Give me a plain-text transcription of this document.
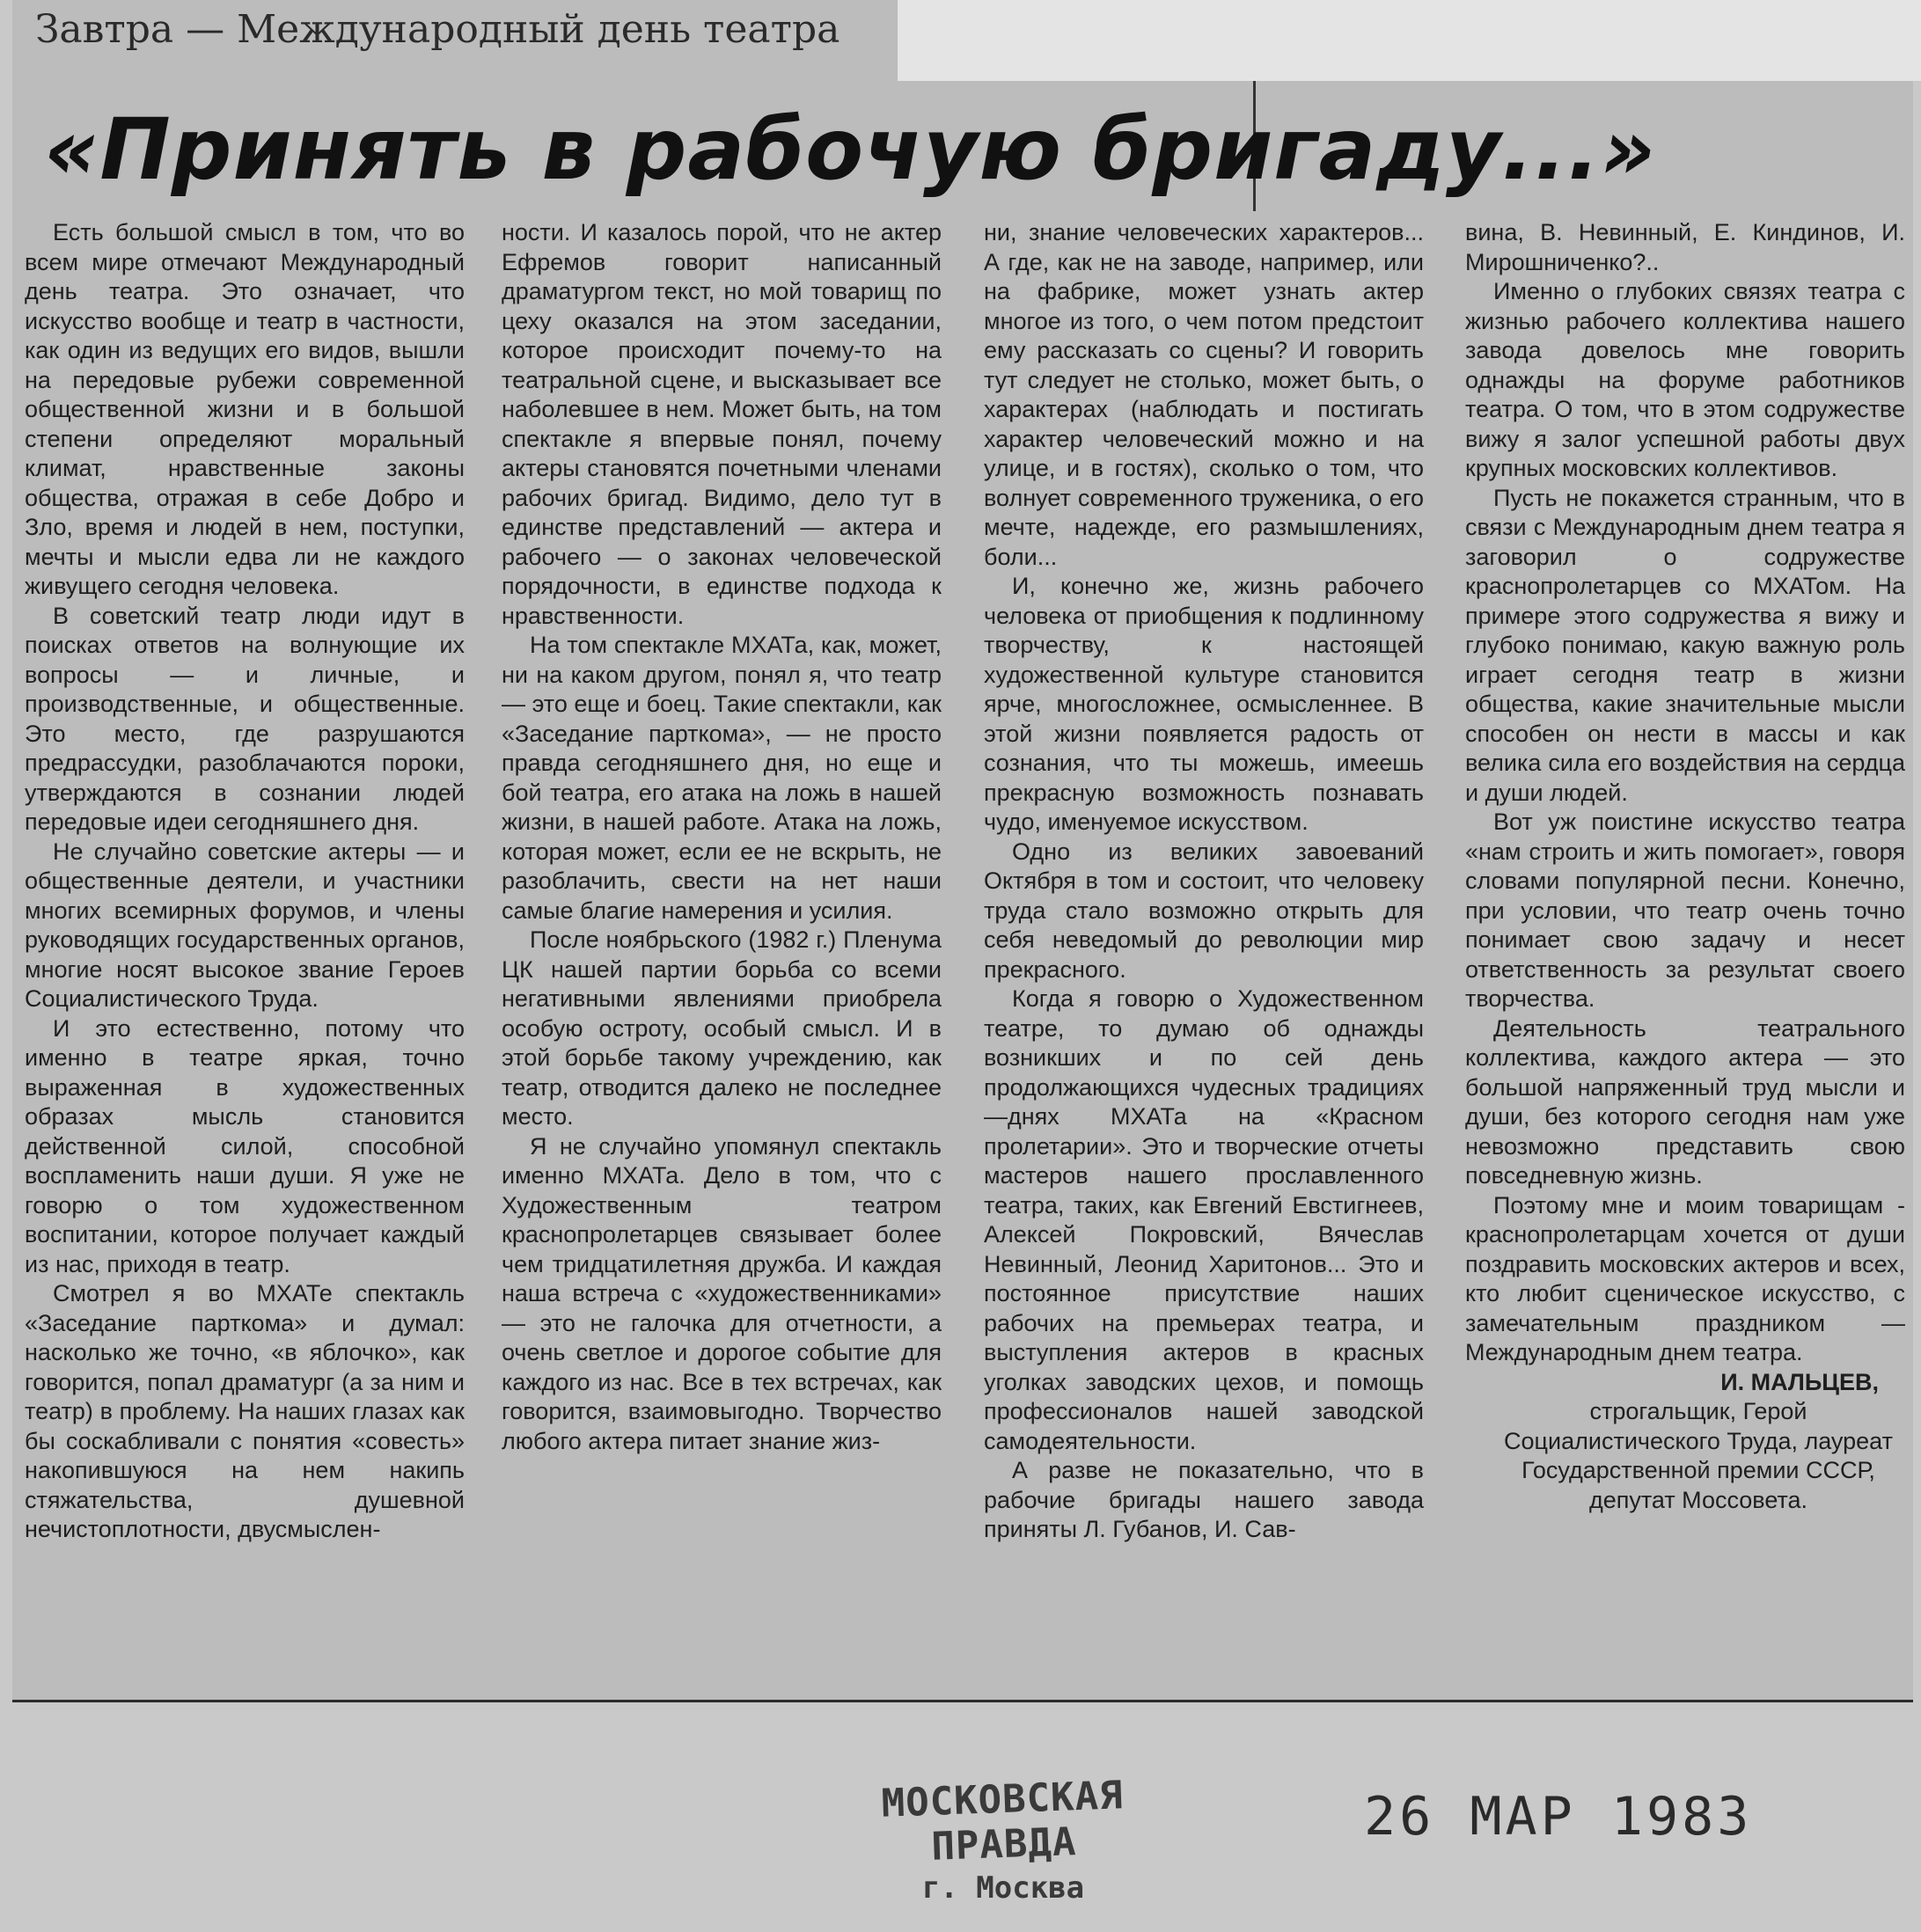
Завтра — Международный день театра
«Принять в рабочую бригаду...»

Есть большой смысл в том, что во всем мире отмечают Международный день театра. Это означает, что искусство вообще и театр в частности, как один из ведущих его видов, вышли на передовые рубежи современной общественной жизни и в большой степени определяют моральный климат, нравственные законы общества, отражая в себе Добро и Зло, время и людей в нем, поступки, мечты и мысли едва ли не каждого живущего сегодня человека.

В советский театр люди идут в поисках ответов на волнующие их вопросы — и личные, и производственные, и общественные. Это место, где разрушаются предрассудки, разоблачаются пороки, утверждаются в сознании людей передовые идеи сегодняшнего дня.

Не случайно советские актеры — и общественные деятели, и участники многих всемирных форумов, и члены руководящих государственных органов, многие носят высокое звание Героев Социалистического Труда.

И это естественно, потому что именно в театре яркая, точно выраженная в художественных образах мысль становится действенной силой, способной воспламенить наши души. Я уже не говорю о том художественном воспитании, которое получает каждый из нас, приходя в театр.

Смотрел я во МХАТе спектакль «Заседание парткома» и думал: насколько же точно, «в яблочко», как говорится, попал драматург (а за ним и театр) в проблему. На наших глазах как бы соскабливали с понятия «совесть» накопившуюся на нем накипь стяжательства, душевной нечистоплотности, двусмыслен-

ности. И казалось порой, что не актер Ефремов говорит написанный драматургом текст, но мой товарищ по цеху оказался на этом заседании, которое происходит почему-то на театральной сцене, и высказывает все наболевшее в нем. Может быть, на том спектакле я впервые понял, почему актеры становятся почетными членами рабочих бригад. Видимо, дело тут в единстве представлений — актера и рабочего — о законах человеческой порядочности, в единстве подхода к нравственности.

На том спектакле МХАТа, как, может, ни на каком другом, понял я, что театр — это еще и боец. Такие спектакли, как «Заседание парткома», — не просто правда сегодняшнего дня, но еще и бой театра, его атака на ложь в нашей жизни, в нашей работе. Атака на ложь, которая может, если ее не вскрыть, не разоблачить, свести на нет наши самые благие намерения и усилия.

После ноябрьского (1982 г.) Пленума ЦК нашей партии борьба со всеми негативными явлениями приобрела особую остроту, особый смысл. И в этой борьбе такому учреждению, как театр, отводится далеко не последнее место.

Я не случайно упомянул спектакль именно МХАТа. Дело в том, что с Художественным театром краснопролетарцев связывает более чем тридцатилетняя дружба. И каждая наша встреча с «художественниками» — это не галочка для отчетности, а очень светлое и дорогое событие для каждого из нас. Все в тех встречах, как говорится, взаимовыгодно. Творчество любого актера питает знание жиз-

ни, знание человеческих характеров... А где, как не на заводе, например, или на фабрике, может узнать актер многое из того, о чем потом предстоит ему рассказать со сцены? И говорить тут следует не столько, может быть, о характерах (наблюдать и постигать характер человеческий можно и на улице, и в гостях), сколько о том, что волнует современного труженика, о его мечте, надежде, его размышлениях, боли...

И, конечно же, жизнь рабочего человека от приобщения к подлинному творчеству, к настоящей художественной культуре становится ярче, многосложнее, осмысленнее. В этой жизни появляется радость от сознания, что ты можешь, имеешь прекрасную возможность познавать чудо, именуемое искусством.

Одно из великих завоеваний Октября в том и состоит, что человеку труда стало возможно открыть для себя неведомый до революции мир прекрасного.

Когда я говорю о Художественном театре, то думаю об однажды возникших и по сей день продолжающихся чудесных традициях—днях МХАТа на «Красном пролетарии». Это и творческие отчеты мастеров нашего прославленного театра, таких, как Евгений Евстигнеев, Алексей Покровский, Вячеслав Невинный, Леонид Харитонов... Это и постоянное присутствие наших рабочих на премьерах театра, и выступления актеров в красных уголках заводских цехов, и помощь профессионалов нашей заводской самодеятельности.

А разве не показательно, что в рабочие бригады нашего завода приняты Л. Губанов, И. Сав-

вина, В. Невинный, Е. Киндинов, И. Мирошниченко?..

Именно о глубоких связях театра с жизнью рабочего коллектива нашего завода довелось мне говорить однажды на форуме работников театра. О том, что в этом содружестве вижу я залог успешной работы двух крупных московских коллективов.

Пусть не покажется странным, что в связи с Международным днем театра я заговорил о содружестве краснопролетарцев со МХАТом. На примере этого содружества я вижу и глубоко понимаю, какую важную роль играет сегодня театр в жизни общества, какие значительные мысли способен он нести в массы и как велика сила его воздействия на сердца и души людей.

Вот уж поистине искусство театра «нам строить и жить помогает», говоря словами популярной песни. Конечно, при условии, что театр очень точно понимает свою задачу и несет ответственность за результат своего творчества.

Деятельность театрального коллектива, каждого актера — это большой напряженный труд мысли и души, без которого сегодня нам уже невозможно представить свою повседневную жизнь.

Поэтому мне и моим товарищам - краснопролетарцам хочется от души поздравить московских актеров и всех, кто любит сценическое искусство, с замечательным праздником — Международным днем театра.

И. МАЛЬЦЕВ,

строгальщик, Герой Социалистического Труда, лауреат Государственной премии СССР, депутат Моссовета.

МОСКОВСКАЯ ПРАВДА
г. Москва
26 МАР 1983
